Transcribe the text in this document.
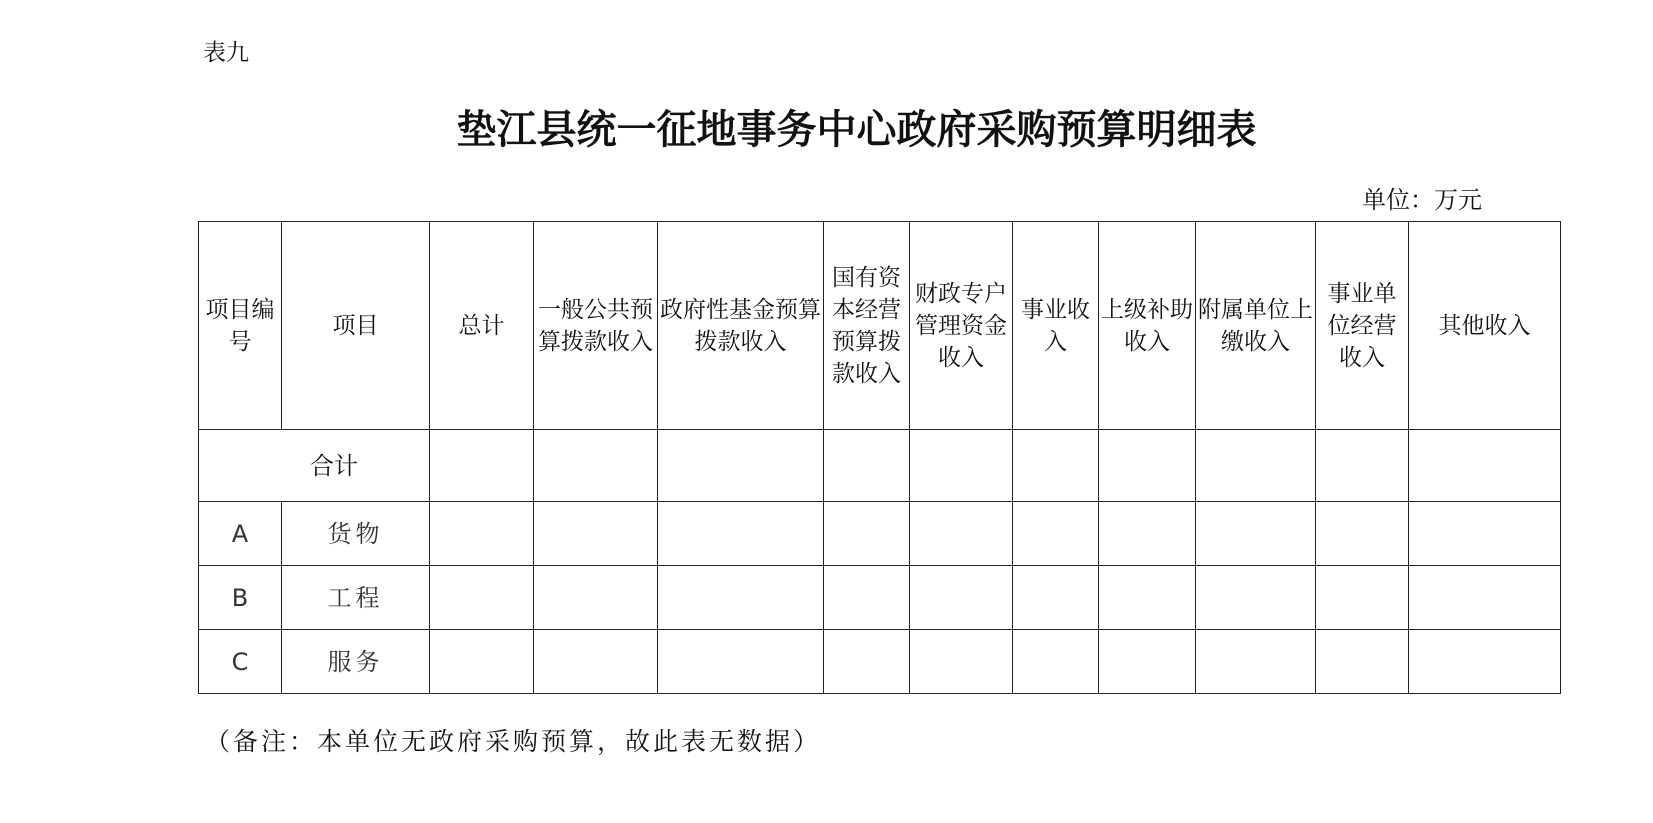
表九
垫江县统一征地事务中心政府采购预算明细表
单位：万元
项目编号	项目	总计	一般公共预算拨款收入	政府性基金预算拨款收入	国有资本经营预算拨款收入	财政专户管理资金收入	事业收入	上级补助收入	附属单位上缴收入	事业单位经营收入	其他收入
合计											
A	货物										
B	工程										
C	服务										
（备注：本单位无政府采购预算，故此表无数据）
